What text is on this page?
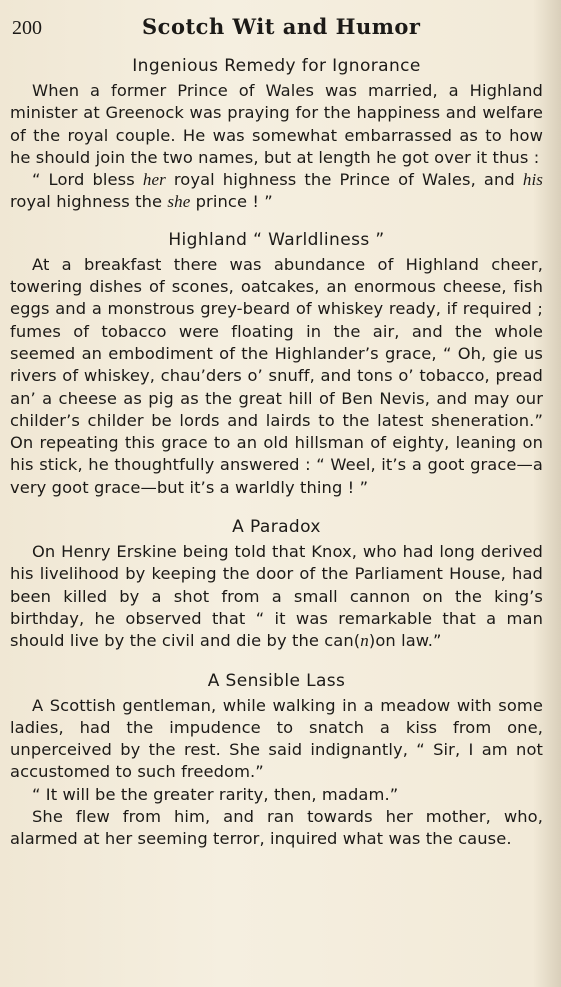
200	Scotch Wit and Humor
Ingenious Remedy for Ignorance

When a former Prince of Wales was married, a Highland minister at Greenock was praying for the happiness and welfare of the royal couple. He was somewhat embarrassed as to how he should join the two names, but at length he got over it thus :

“ Lord bless her royal highness the Prince of Wales, and his royal highness the she prince ! ”

Highland “ Warldliness ”

At a breakfast there was abundance of Highland cheer, towering dishes of scones, oatcakes, an enormous cheese, fish eggs and a monstrous grey-beard of whiskey ready, if required ; fumes of tobacco were floating in the air, and the whole seemed an embodiment of the Highlander’s grace, “ Oh, gie us rivers of whiskey, chau’ders o’ snuff, and tons o’ tobacco, pread an’ a cheese as pig as the great hill of Ben Nevis, and may our childer’s childer be lords and lairds to the latest sheneration.” On repeating this grace to an old hillsman of eighty, leaning on his stick, he thoughtfully answered : “ Weel, it’s a goot grace—a very goot grace—but it’s a warldly thing ! ”

A Paradox

On Henry Erskine being told that Knox, who had long derived his livelihood by keeping the door of the Parliament House, had been killed by a shot from a small cannon on the king’s birthday, he observed that “ it was remarkable that a man should live by the civil and die by the can(n)on law.”

A Sensible Lass

A Scottish gentleman, while walking in a meadow with some ladies, had the impudence to snatch a kiss from one, unperceived by the rest. She said indignantly, “ Sir, I am not accustomed to such freedom.”

“ It will be the greater rarity, then, madam.”

She flew from him, and ran towards her mother, who, alarmed at her seeming terror, inquired what was the cause.
